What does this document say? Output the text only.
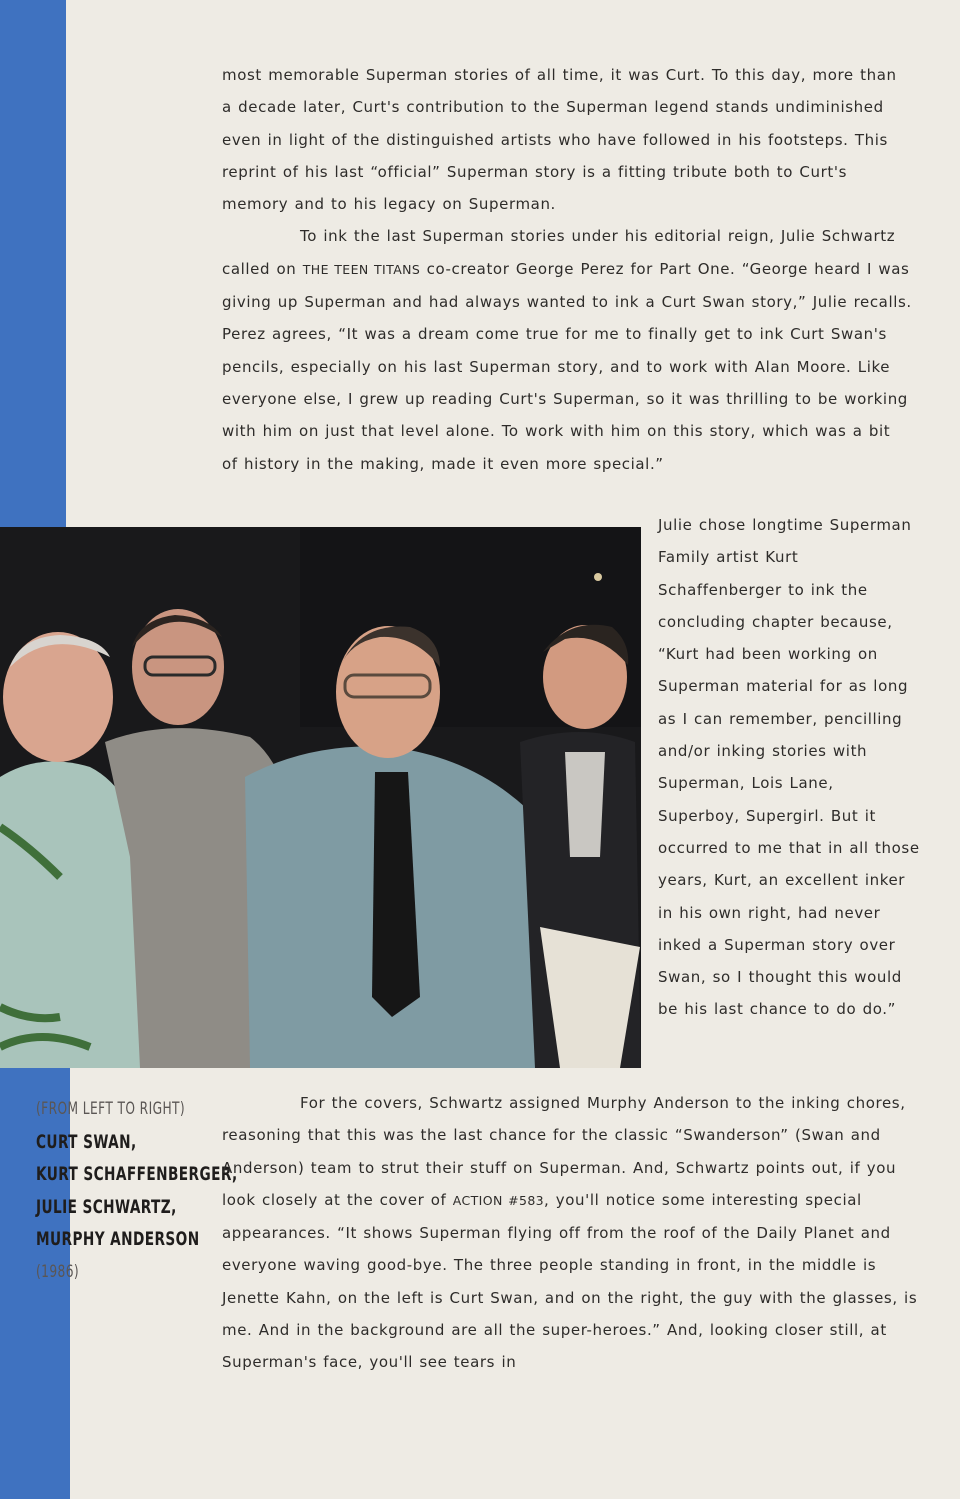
most memorable Superman stories of all time, it was Curt. To this day, more than a decade later, Curt's contribution to the Superman legend stands undiminished even in light of the distinguished artists who have followed in his footsteps. This reprint of his last “official” Superman story is a fitting tribute both to Curt's memory and to his legacy on Superman.

To ink the last Superman stories under his editorial reign, Julie Schwartz called on THE TEEN TITANS co-creator George Perez for Part One. “George heard I was giving up Superman and had always wanted to ink a Curt Swan story,” Julie recalls. Perez agrees, “It was a dream come true for me to finally get to ink Curt Swan's pencils, especially on his last Superman story, and to work with Alan Moore. Like everyone else, I grew up reading Curt's Superman, so it was thrilling to be working with him on just that level alone. To work with him on this story, which was a bit of history in the making, made it even more special.”

Julie chose longtime Superman Family artist Kurt Schaffenberger to ink the concluding chapter because, “Kurt had been working on Superman material for as long as I can remember, pencilling and/or inking stories with Superman, Lois Lane, Superboy, Supergirl. But it occurred to me that in all those years, Kurt, an excellent inker in his own right, had never inked a Superman story over Swan, so I thought this would be his last chance to do do.”

(FROM LEFT TO RIGHT)
CURT SWAN,
KURT SCHAFFENBERGER,
JULIE SCHWARTZ,
MURPHY ANDERSON
(1986)

For the covers, Schwartz assigned Murphy Anderson to the inking chores, reasoning that this was the last chance for the classic “Swanderson” (Swan and Anderson) team to strut their stuff on Superman. And, Schwartz points out, if you look closely at the cover of ACTION #583, you'll notice some interesting special appearances. “It shows Superman flying off from the roof of the Daily Planet and everyone waving good-bye. The three people standing in front, in the middle is Jenette Kahn, on the left is Curt Swan, and on the right, the guy with the glasses, is me. And in the background are all the super-heroes.” And, looking closer still, at Superman's face, you'll see tears in
